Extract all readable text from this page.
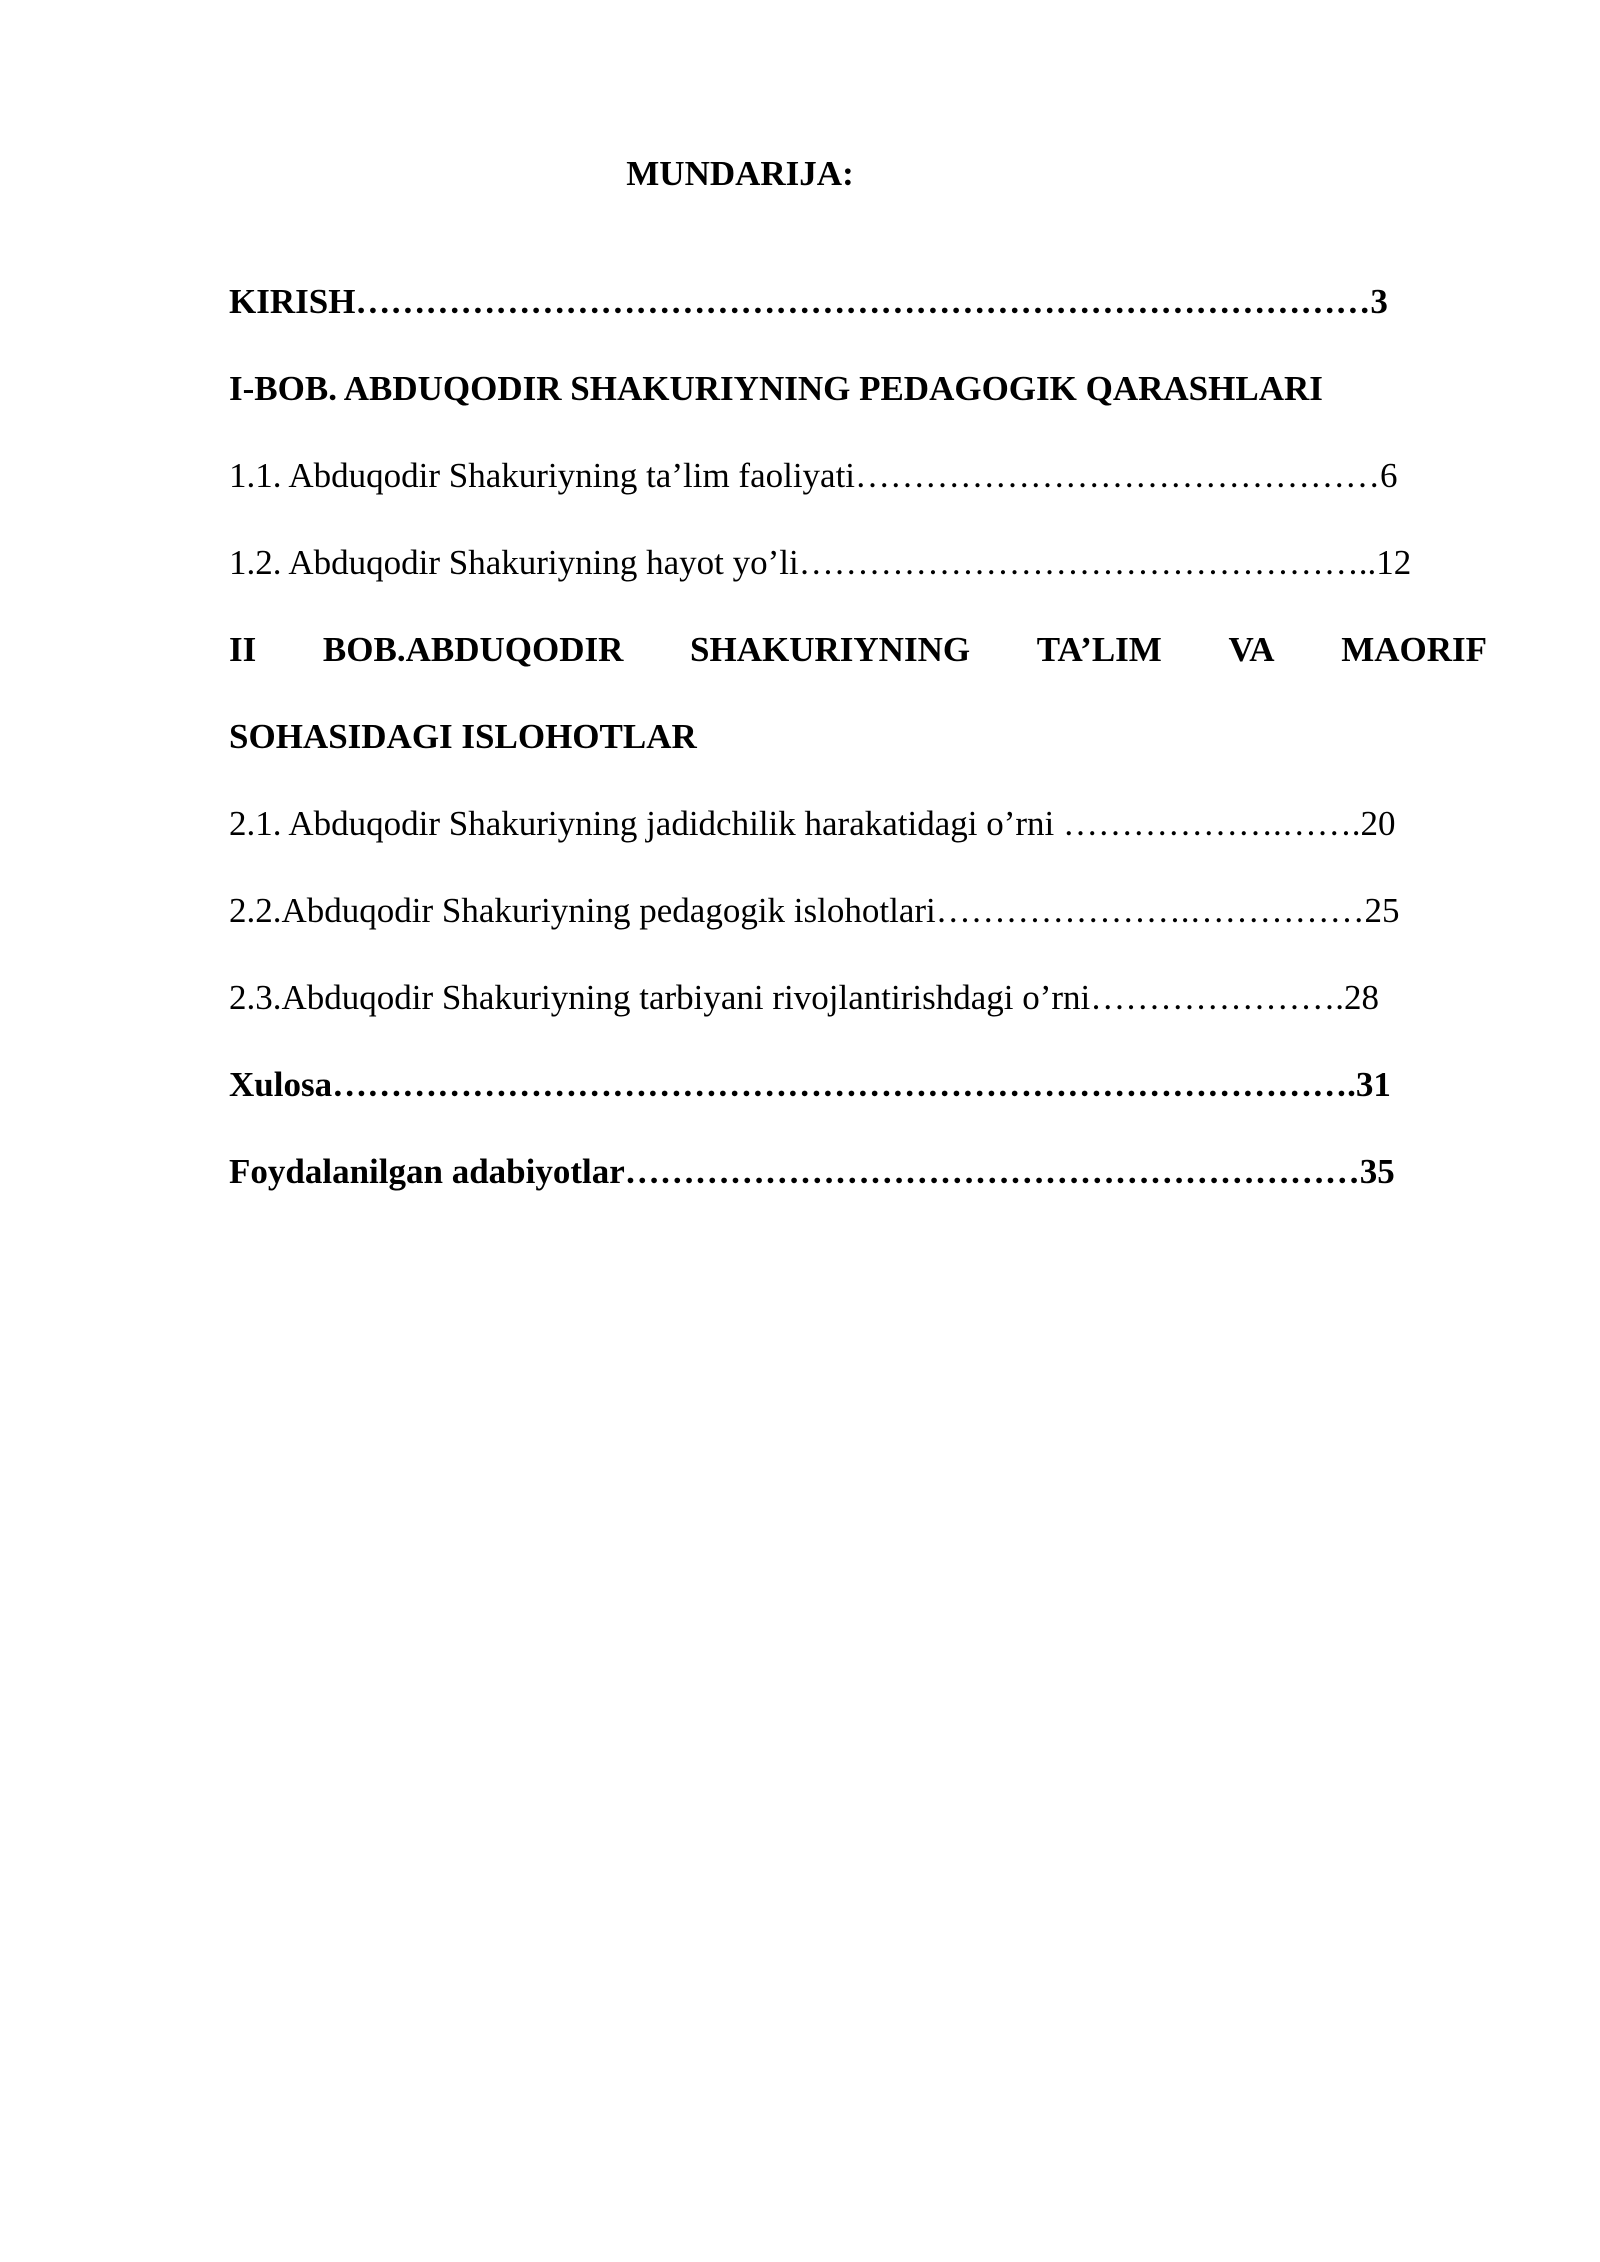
MUNDARIJA:
KIRISH……………………………………………………………………………3
I-BOB. ABDUQODIR SHAKURIYNING PEDAGOGIK QARASHLARI
1.1. Abduqodir Shakuriyning ta’lim faoliyati………………………………………6
1.2. Abduqodir Shakuriyning hayot yo’li…………………………………………..12
II BOB.ABDUQODIR SHAKURIYNING TA’LIM VA MAORIF
SOHASIDAGI ISLOHOTLAR
2.1. Abduqodir Shakuriyning jadidchilik harakatidagi o’rni ……………….…….20
2.2.Abduqodir Shakuriyning pedagogik islohotlari………………….……………25
2.3.Abduqodir Shakuriyning tarbiyani rivojlantirishdagi o’rni………………….28
Xulosa…………………………………………………………………………….31
Foydalanilgan adabiyotlar………………………………………………………35
